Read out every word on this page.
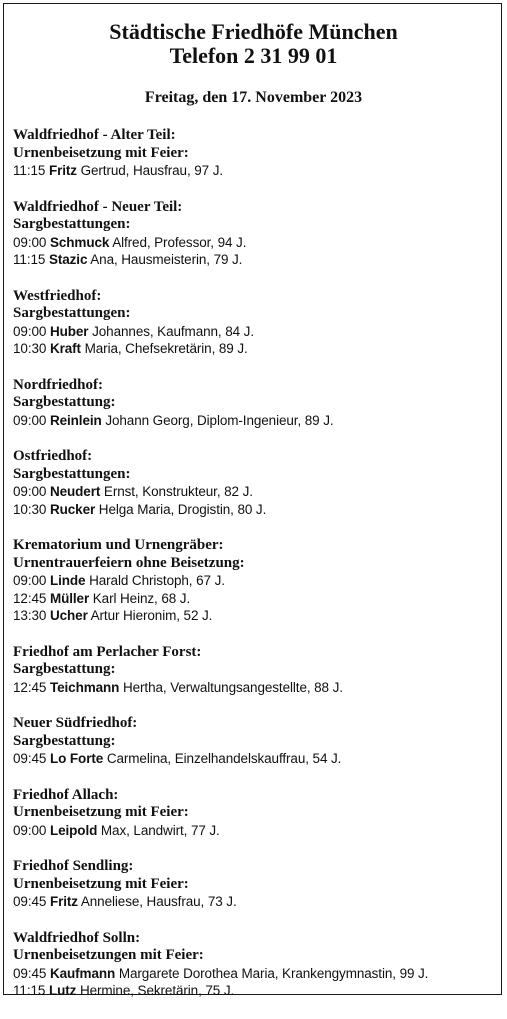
Städtische Friedhöfe München
Telefon 2 31 99 01
Freitag, den 17. November 2023
Waldfriedhof - Alter Teil:
Urnenbeisetzung mit Feier:
11:15 Fritz Gertrud, Hausfrau, 97 J.
Waldfriedhof - Neuer Teil:
Sargbestattungen:
09:00 Schmuck Alfred, Professor, 94 J.
11:15 Stazic Ana, Hausmeisterin, 79 J.
Westfriedhof:
Sargbestattungen:
09:00 Huber Johannes, Kaufmann, 84 J.
10:30 Kraft Maria, Chefsekretärin, 89 J.
Nordfriedhof:
Sargbestattung:
09:00 Reinlein Johann Georg, Diplom-Ingenieur, 89 J.
Ostfriedhof:
Sargbestattungen:
09:00 Neudert Ernst, Konstrukteur, 82 J.
10:30 Rucker Helga Maria, Drogistin, 80 J.
Krematorium und Urnengräber:
Urnentrauerfeiern ohne Beisetzung:
09:00 Linde Harald Christoph, 67 J.
12:45 Müller Karl Heinz, 68 J.
13:30 Ucher Artur Hieronim, 52 J.
Friedhof am Perlacher Forst:
Sargbestattung:
12:45 Teichmann Hertha, Verwaltungsangestellte, 88 J.
Neuer Südfriedhof:
Sargbestattung:
09:45 Lo Forte Carmelina, Einzelhandelskauffrau, 54 J.
Friedhof Allach:
Urnenbeisetzung mit Feier:
09:00 Leipold Max, Landwirt, 77 J.
Friedhof Sendling:
Urnenbeisetzung mit Feier:
09:45 Fritz Anneliese, Hausfrau, 73 J.
Waldfriedhof Solln:
Urnenbeisetzungen mit Feier:
09:45 Kaufmann Margarete Dorothea Maria, Krankengymnastin, 99 J.
11:15 Lutz Hermine, Sekretärin, 75 J.
